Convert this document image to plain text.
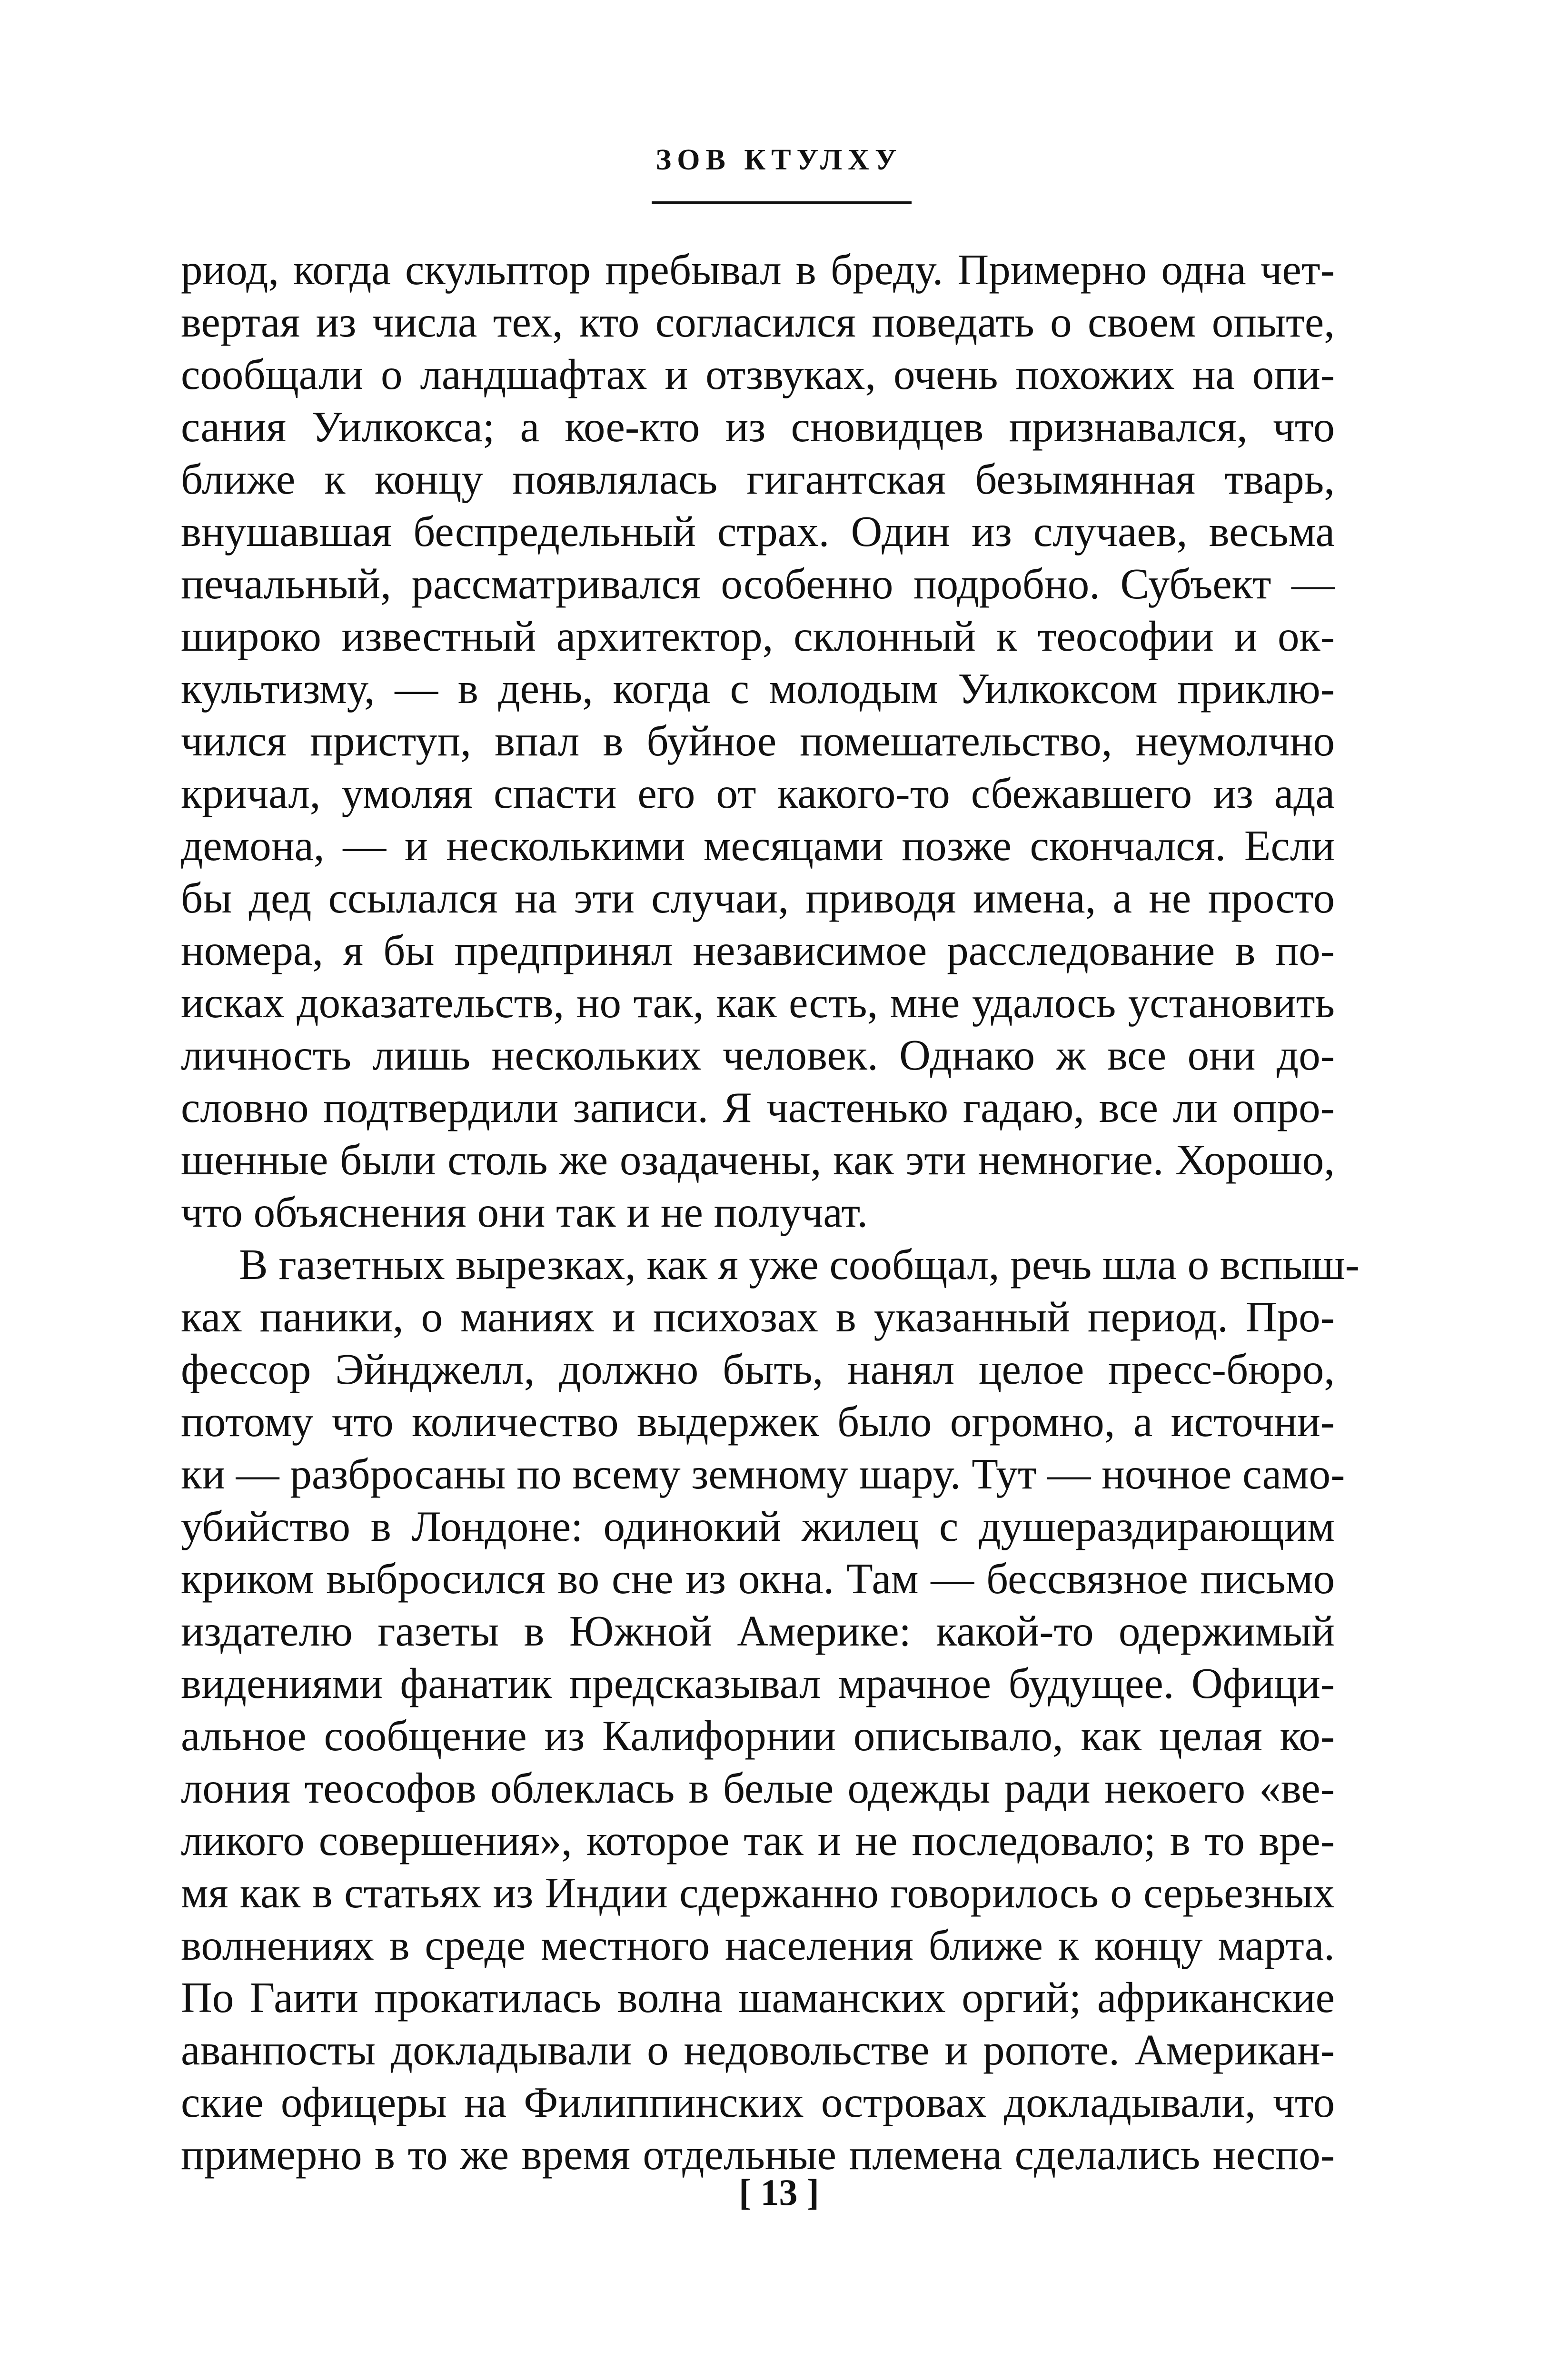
ЗОВ КТУЛХУ
риод, когда скульптор пребывал в бреду. Примерно одна чет-
вертая из числа тех, кто согласился поведать о своем опыте,
сообщали о ландшафтах и отзвуках, очень похожих на опи-
сания Уилкокса; а кое-кто из сновидцев признавался, что
ближе к концу появлялась гигантская безымянная тварь,
внушавшая беспредельный страх. Один из случаев, весьма
печальный, рассматривался особенно подробно. Субъект —
широко известный архитектор, склонный к теософии и ок-
культизму, — в день, когда с молодым Уилкоксом приклю-
чился приступ, впал в буйное помешательство, неумолчно
кричал, умоляя спасти его от какого-то сбежавшего из ада
демона, — и несколькими месяцами позже скончался. Если
бы дед ссылался на эти случаи, приводя имена, а не просто
номера, я бы предпринял независимое расследование в по-
исках доказательств, но так, как есть, мне удалось установить
личность лишь нескольких человек. Однако ж все они до-
словно подтвердили записи. Я частенько гадаю, все ли опро-
шенные были столь же озадачены, как эти немногие. Хорошо,
что объяснения они так и не получат.
В газетных вырезках, как я уже сообщал, речь шла о вспыш-
ках паники, о маниях и психозах в указанный период. Про-
фессор Эйнджелл, должно быть, нанял целое пресс-бюро,
потому что количество выдержек было огромно, а источни-
ки — разбросаны по всему земному шару. Тут — ночное само-
убийство в Лондоне: одинокий жилец с душераздирающим
криком выбросился во сне из окна. Там — бессвязное письмо
издателю газеты в Южной Америке: какой-то одержимый
видениями фанатик предсказывал мрачное будущее. Офици-
альное сообщение из Калифорнии описывало, как целая ко-
лония теософов облеклась в белые одежды ради некоего «ве-
ликого совершения», которое так и не последовало; в то вре-
мя как в статьях из Индии сдержанно говорилось о серьезных
волнениях в среде местного населения ближе к концу марта.
По Гаити прокатилась волна шаманских оргий; африканские
аванпосты докладывали о недовольстве и ропоте. Американ-
ские офицеры на Филиппинских островах докладывали, что
примерно в то же время отдельные племена сделались неспо-
[ 13 ]
